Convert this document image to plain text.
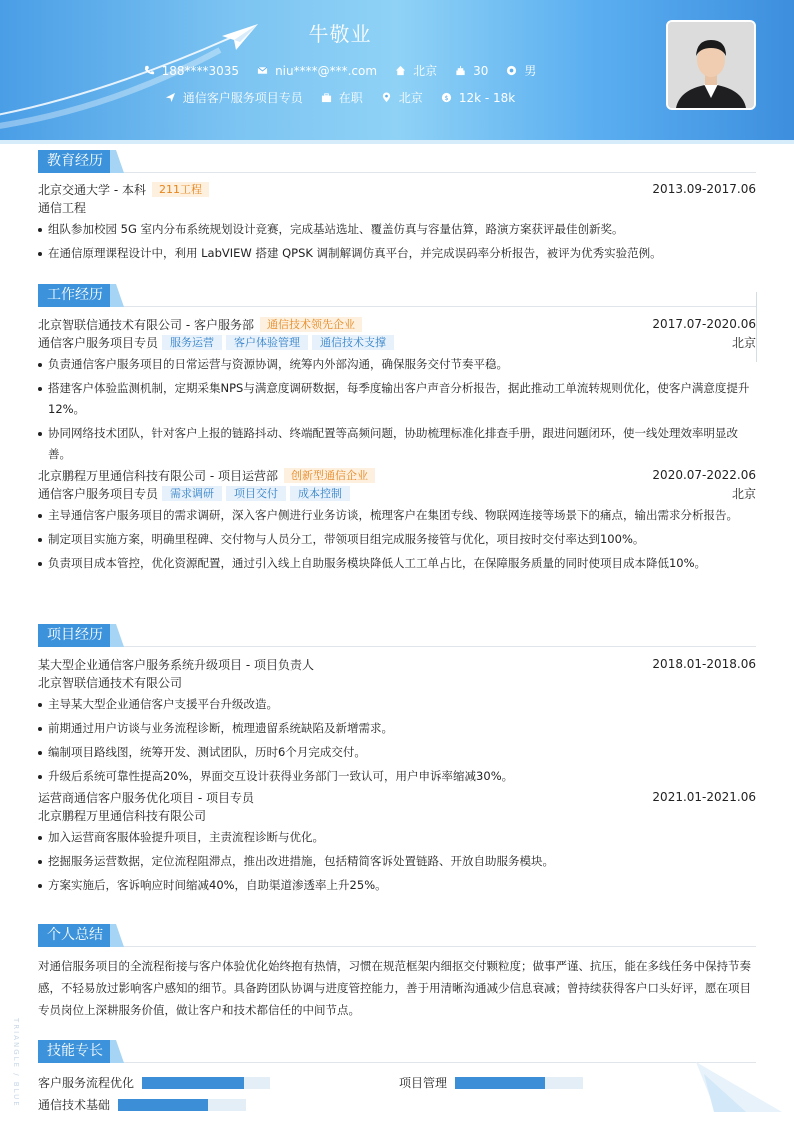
牛敬业
188****3035	niu****@***.com	北京	30	男
通信客户服务项目专员	在职	北京	$ 12k - 18k
教育经历
北京交通大学 - 本科	211工程	2013.09-2017.06
通信工程
组队参加校园 5G 室内分布系统规划设计竞赛，完成基站选址、覆盖仿真与容量估算，路演方案获评最佳创新奖。
在通信原理课程设计中，利用 LabVIEW 搭建 QPSK 调制解调仿真平台，并完成误码率分析报告，被评为优秀实验范例。
工作经历
北京智联信通技术有限公司 - 客户服务部	通信技术领先企业	2017.07-2020.06
通信客户服务项目专员	服务运营	客户体验管理	通信技术支撑	北京
负责通信客户服务项目的日常运营与资源协调，统筹内外部沟通，确保服务交付节奏平稳。
搭建客户体验监测机制，定期采集NPS与满意度调研数据，每季度输出客户声音分析报告，据此推动工单流转规则优化，使客户满意度提升12%。
协同网络技术团队，针对客户上报的链路抖动、终端配置等高频问题，协助梳理标准化排查手册，跟进问题闭环，使一线处理效率明显改善。
北京鹏程万里通信科技有限公司 - 项目运营部	创新型通信企业	2020.07-2022.06
通信客户服务项目专员	需求调研	项目交付	成本控制	北京
主导通信客户服务项目的需求调研，深入客户侧进行业务访谈，梳理客户在集团专线、物联网连接等场景下的痛点，输出需求分析报告。
制定项目实施方案，明确里程碑、交付物与人员分工，带领项目组完成服务接管与优化，项目按时交付率达到100%。
负责项目成本管控，优化资源配置，通过引入线上自助服务模块降低人工工单占比，在保障服务质量的同时使项目成本降低10%。
项目经历
某大型企业通信客户服务系统升级项目 - 项目负责人	2018.01-2018.06
北京智联信通技术有限公司
主导某大型企业通信客户支援平台升级改造。
前期通过用户访谈与业务流程诊断，梳理遗留系统缺陷及新增需求。
编制项目路线图，统筹开发、测试团队，历时6个月完成交付。
升级后系统可靠性提高20%，界面交互设计获得业务部门一致认可，用户申诉率缩减30%。
运营商通信客户服务优化项目 - 项目专员	2021.01-2021.06
北京鹏程万里通信科技有限公司
加入运营商客服体验提升项目，主责流程诊断与优化。
挖掘服务运营数据，定位流程阻滞点，推出改进措施，包括精简客诉处置链路、开放自助服务模块。
方案实施后，客诉响应时间缩减40%，自助渠道渗透率上升25%。
个人总结

对通信服务项目的全流程衔接与客户体验优化始终抱有热情，习惯在规范框架内细抠交付颗粒度；做事严谨、抗压，能在多线任务中保持节奏感，不轻易放过影响客户感知的细节。具备跨团队协调与进度管控能力，善于用清晰沟通减少信息衰减；曾持续获得客户口头好评，愿在项目专员岗位上深耕服务价值，做让客户和技术都信任的中间节点。

技能专长
客户服务流程优化	项目管理
通信技术基础
TRIANGLE / BLUE
